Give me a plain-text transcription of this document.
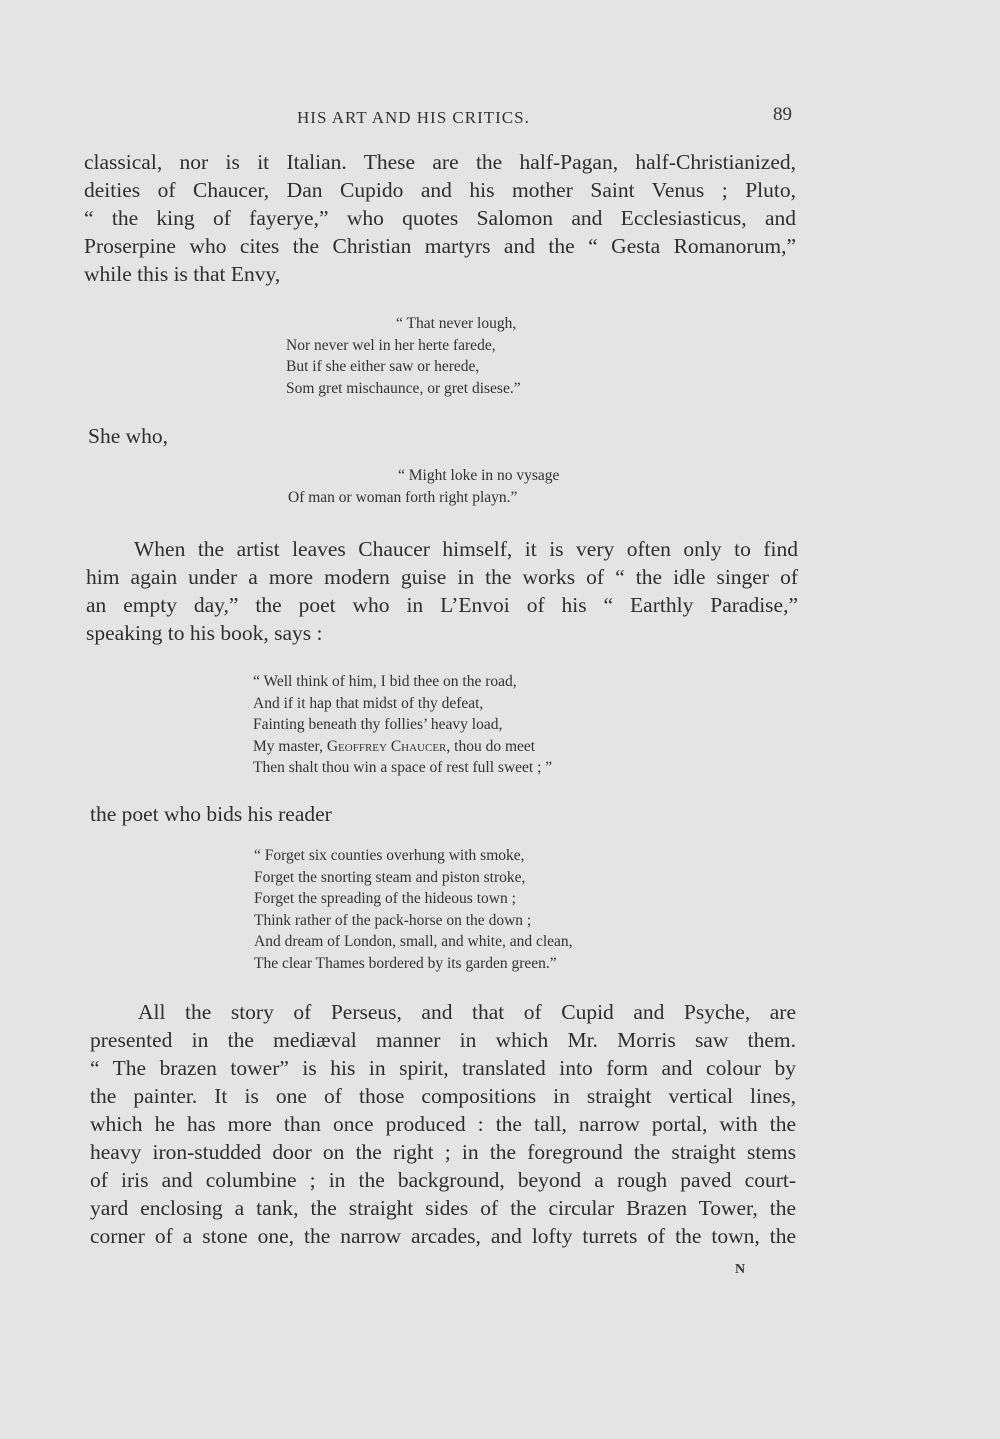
HIS ART AND HIS CRITICS.	89
classical, nor is it Italian. These are the half-Pagan, half-Christianized,
deities of Chaucer, Dan Cupido and his mother Saint Venus ; Pluto,
“ the king of fayerye,” who quotes Salomon and Ecclesiasticus, and
Proserpine who cites the Christian martyrs and the “ Gesta Romanorum,”
while this is that Envy,
“ That never lough,
Nor never wel in her herte farede,
But if she either saw or herede,
Som gret mischaunce, or gret disese.”
She who,
“ Might loke in no vysage
Of man or woman forth right playn.”
When the artist leaves Chaucer himself, it is very often only to find
him again under a more modern guise in the works of “ the idle singer of
an empty day,” the poet who in L’Envoi of his “ Earthly Paradise,”
speaking to his book, says :
“ Well think of him, I bid thee on the road,
And if it hap that midst of thy defeat,
Fainting beneath thy follies’ heavy load,
My master, Geoffrey Chaucer, thou do meet
Then shalt thou win a space of rest full sweet ; ”
the poet who bids his reader
“ Forget six counties overhung with smoke,
Forget the snorting steam and piston stroke,
Forget the spreading of the hideous town ;
Think rather of the pack-horse on the down ;
And dream of London, small, and white, and clean,
The clear Thames bordered by its garden green.”
All the story of Perseus, and that of Cupid and Psyche, are
presented in the mediæval manner in which Mr. Morris saw them.
“ The brazen tower” is his in spirit, translated into form and colour by
the painter. It is one of those compositions in straight vertical lines,
which he has more than once produced : the tall, narrow portal, with the
heavy iron-studded door on the right ; in the foreground the straight stems
of iris and columbine ; in the background, beyond a rough paved court-
yard enclosing a tank, the straight sides of the circular Brazen Tower, the
corner of a stone one, the narrow arcades, and lofty turrets of the town, the
N
